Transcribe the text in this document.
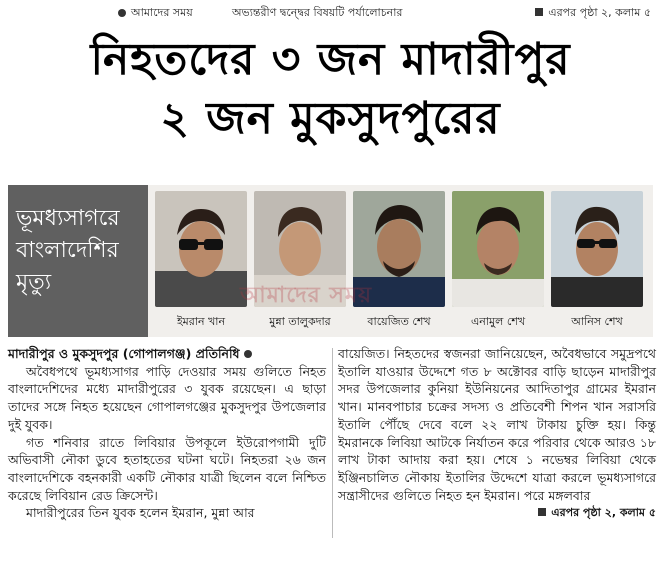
আমাদের সময়	অভ্যন্তরীণ দ্বন্দ্বের বিষয়টি পর্যালোচনার	এরপর পৃষ্ঠা ২, কলাম ৫
নিহতদের ৩ জন মাদারীপুর
২ জন মুকসুদপুরের
ভূমধ্যসাগরে
বাংলাদেশির
মৃত্যু
ইমরান খান	মুন্না তালুকদার	বায়েজিত শেখ	এনামুল শেখ	আনিস শেখ
আমাদের সময়
মাদারীপুর ও মুকসুদপুর (গোপালগঞ্জ) প্রতিনিধি

অবৈধপথে ভূমধ্যসাগর পাড়ি দেওয়ার সময় গুলিতে নিহত বাংলাদেশিদের মধ্যে মাদারীপুরের ৩ যুবক রয়েছেন। এ ছাড়া তাদের সঙ্গে নিহত হয়েছেন গোপালগঞ্জের মুকসুদপুর উপজেলার দুই যুবক।

গত শনিবার রাতে লিবিয়ার উপকূলে ইউরোপগামী দুটি অভিবাসী নৌকা ডুবে হতাহতের ঘটনা ঘটে। নিহতরা ২৬ জন বাংলাদেশিকে বহনকারী একটি নৌকার যাত্রী ছিলেন বলে নিশ্চিত করেছে লিবিয়ান রেড ক্রিসেন্ট।

মাদারীপুরের তিন যুবক হলেন ইমরান, মুন্না আর

বায়েজিত। নিহতদের স্বজনরা জানিয়েছেন, অবৈধভাবে সমুদ্রপথে ইতালি যাওয়ার উদ্দেশে গত ৮ অক্টোবর বাড়ি ছাড়েন মাদারীপুর সদর উপজেলার কুনিয়া ইউনিয়নের আদিতাপুর গ্রামের ইমরান খান। মানবপাচার চক্রের সদস্য ও প্রতিবেশী শিপন খান সরাসরি ইতালি পৌঁছে দেবে বলে ২২ লাখ টাকায় চুক্তি হয়। কিন্তু ইমরানকে লিবিয়া আটকে নির্যাতন করে পরিবার থেকে আরও ১৮ লাখ টাকা আদায় করা হয়। শেষে ১ নভেম্বর লিবিয়া থেকে ইঞ্জিনচালিত নৌকায় ইতালির উদ্দেশে যাত্রা করলে ভূমধ্যসাগরে সন্ত্রাসীদের গুলিতে নিহত হন ইমরান। পরে মঙ্গলবার

এরপর পৃষ্ঠা ২, কলাম ৫
